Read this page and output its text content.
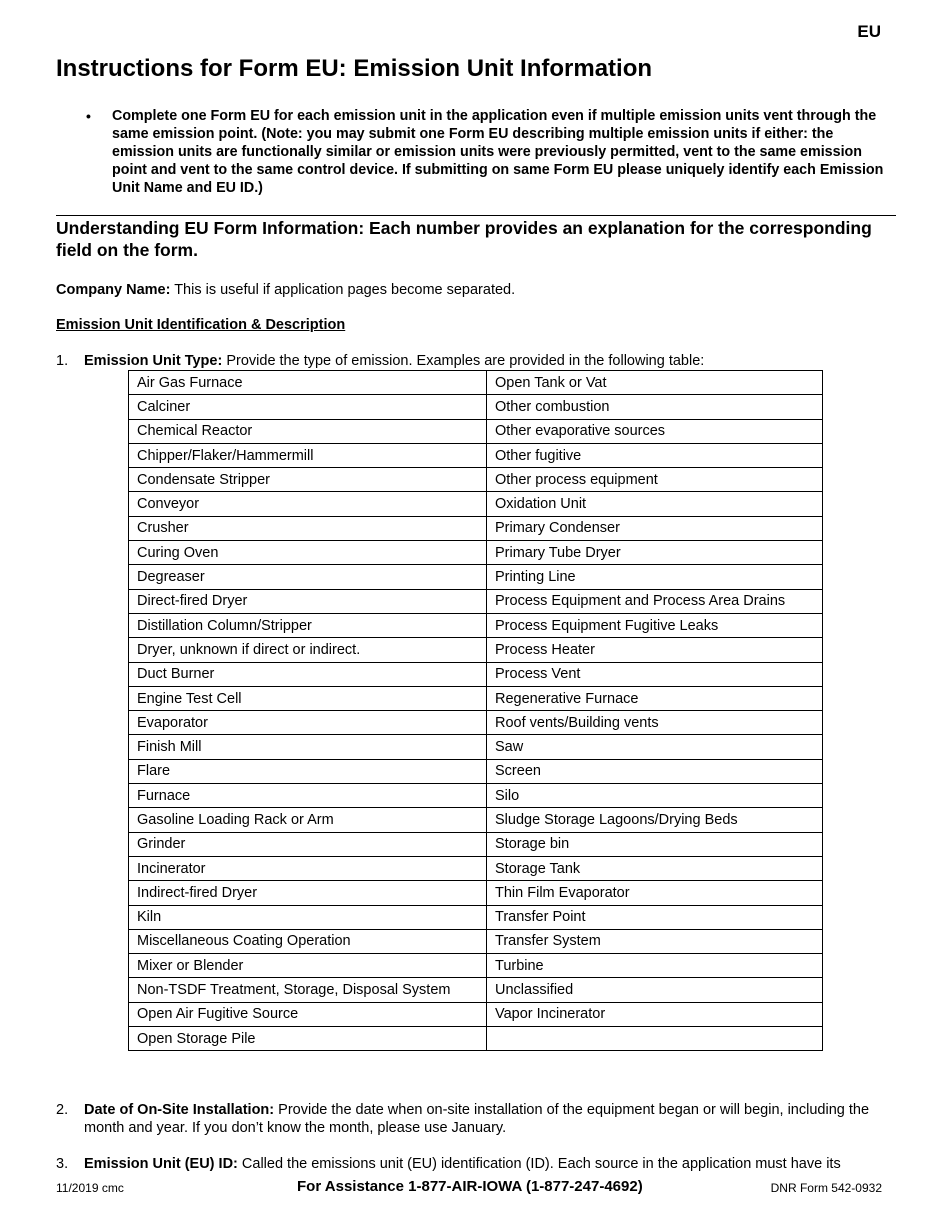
EU
Instructions for Form EU: Emission Unit Information
•	Complete one Form EU for each emission unit in the application even if multiple emission units vent through the same emission point. (Note: you may submit one Form EU describing multiple emission units if either: the emission units are functionally similar or emission units were previously permitted, vent to the same emission point and vent to the same control device. If submitting on same Form EU please uniquely identify each Emission Unit Name and EU ID.)
Understanding EU Form Information: Each number provides an explanation for the corresponding field on the form.
Company Name: This is useful if application pages become separated.
Emission Unit Identification & Description
1.	Emission Unit Type: Provide the type of emission. Examples are provided in the following table:
Air Gas Furnace	Open Tank or Vat
Calciner	Other combustion
Chemical Reactor	Other evaporative sources
Chipper/Flaker/Hammermill	Other fugitive
Condensate Stripper	Other process equipment
Conveyor	Oxidation Unit
Crusher	Primary Condenser
Curing Oven	Primary Tube Dryer
Degreaser	Printing Line
Direct-fired Dryer	Process Equipment and Process Area Drains
Distillation Column/Stripper	Process Equipment Fugitive Leaks
Dryer, unknown if direct or indirect.	Process Heater
Duct Burner	Process Vent
Engine Test Cell	Regenerative Furnace
Evaporator	Roof vents/Building vents
Finish Mill	Saw
Flare	Screen
Furnace	Silo
Gasoline Loading Rack or Arm	Sludge Storage Lagoons/Drying Beds
Grinder	Storage bin
Incinerator	Storage Tank
Indirect-fired Dryer	Thin Film Evaporator
Kiln	Transfer Point
Miscellaneous Coating Operation	Transfer System
Mixer or Blender	Turbine
Non-TSDF Treatment, Storage, Disposal System	Unclassified
Open Air Fugitive Source	Vapor Incinerator
Open Storage Pile	
2.	Date of On-Site Installation: Provide the date when on-site installation of the equipment began or will begin, including the month and year. If you don’t know the month, please use January.
3.	Emission Unit (EU) ID: Called the emissions unit (EU) identification (ID). Each source in the application must have its
11/2019 cmc	For Assistance 1-877-AIR-IOWA (1-877-247-4692)	DNR Form 542-0932
